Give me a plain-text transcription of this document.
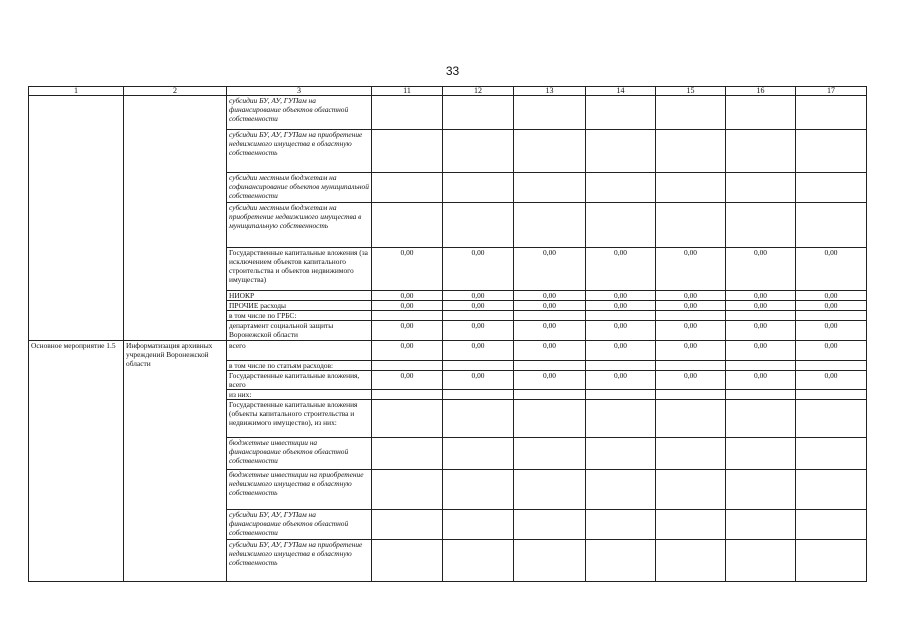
33
1	2	3	11	12	13	14	15	16	17
		субсидии БУ, АУ, ГУПам на финансирование объектов областной собственности							
		субсидии БУ, АУ, ГУПам на приобретение недвижимого имущества в областную собственность							
		субсидии местным бюджетам на софинансирование объектов муниципальной собственности							
		субсидии местным бюджетам на приобретение недвижимого имущества в муниципальную собственность							
		Государственные капитальные вложения (за исключением объектов капитального строительства и объектов недвижимого имущества)	0,00	0,00	0,00	0,00	0,00	0,00	0,00
		НИОКР	0,00	0,00	0,00	0,00	0,00	0,00	0,00
		ПРОЧИЕ расходы	0,00	0,00	0,00	0,00	0,00	0,00	0,00
		в том числе по ГРБС:							
		департамент социальной защиты Воронежской области	0,00	0,00	0,00	0,00	0,00	0,00	0,00
Основное мероприятие 1.5	Информатизация архивных учреждений Воронежской области	всего	0,00	0,00	0,00	0,00	0,00	0,00	0,00
		в том числе по статьям расходов:							
		Государственные капитальные вложения, всего	0,00	0,00	0,00	0,00	0,00	0,00	0,00
		из них:							
		Государственные капитальные вложения (объекты капитального строительства и недвижимого имущество), из них:							
		бюджетные инвестиции на финансирование объектов областной собственности							
		бюджетные инвестиции на приобретение недвижимого имущества в областную собственность							
		субсидии БУ, АУ, ГУПам на финансирование объектов областной собственности							
		субсидии БУ, АУ, ГУПам на приобретение недвижимого имущества в областную собственность							
